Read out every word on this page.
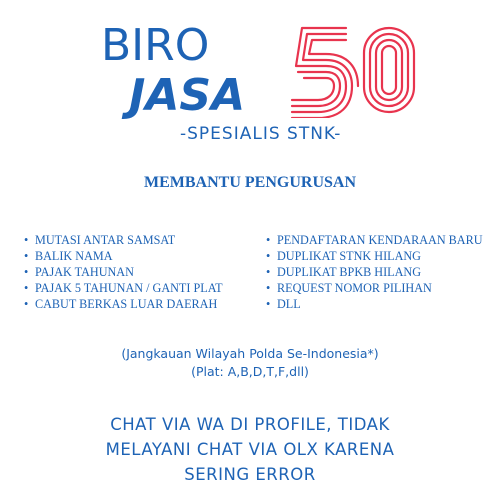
BIRO
JASA
-SPESIALIS STNK-
MEMBANTU PENGURUSAN
• MUTASI ANTAR SAMSAT
• BALIK NAMA
• PAJAK TAHUNAN
• PAJAK 5 TAHUNAN / GANTI PLAT
• CABUT BERKAS LUAR DAERAH
• PENDAFTARAN KENDARAAN BARU
• DUPLIKAT STNK HILANG
• DUPLIKAT BPKB HILANG
• REQUEST NOMOR PILIHAN
• DLL
(Jangkauan Wilayah Polda Se-Indonesia*)
(Plat: A,B,D,T,F,dll)
CHAT VIA WA DI PROFILE, TIDAK
MELAYANI CHAT VIA OLX KARENA
SERING ERROR
